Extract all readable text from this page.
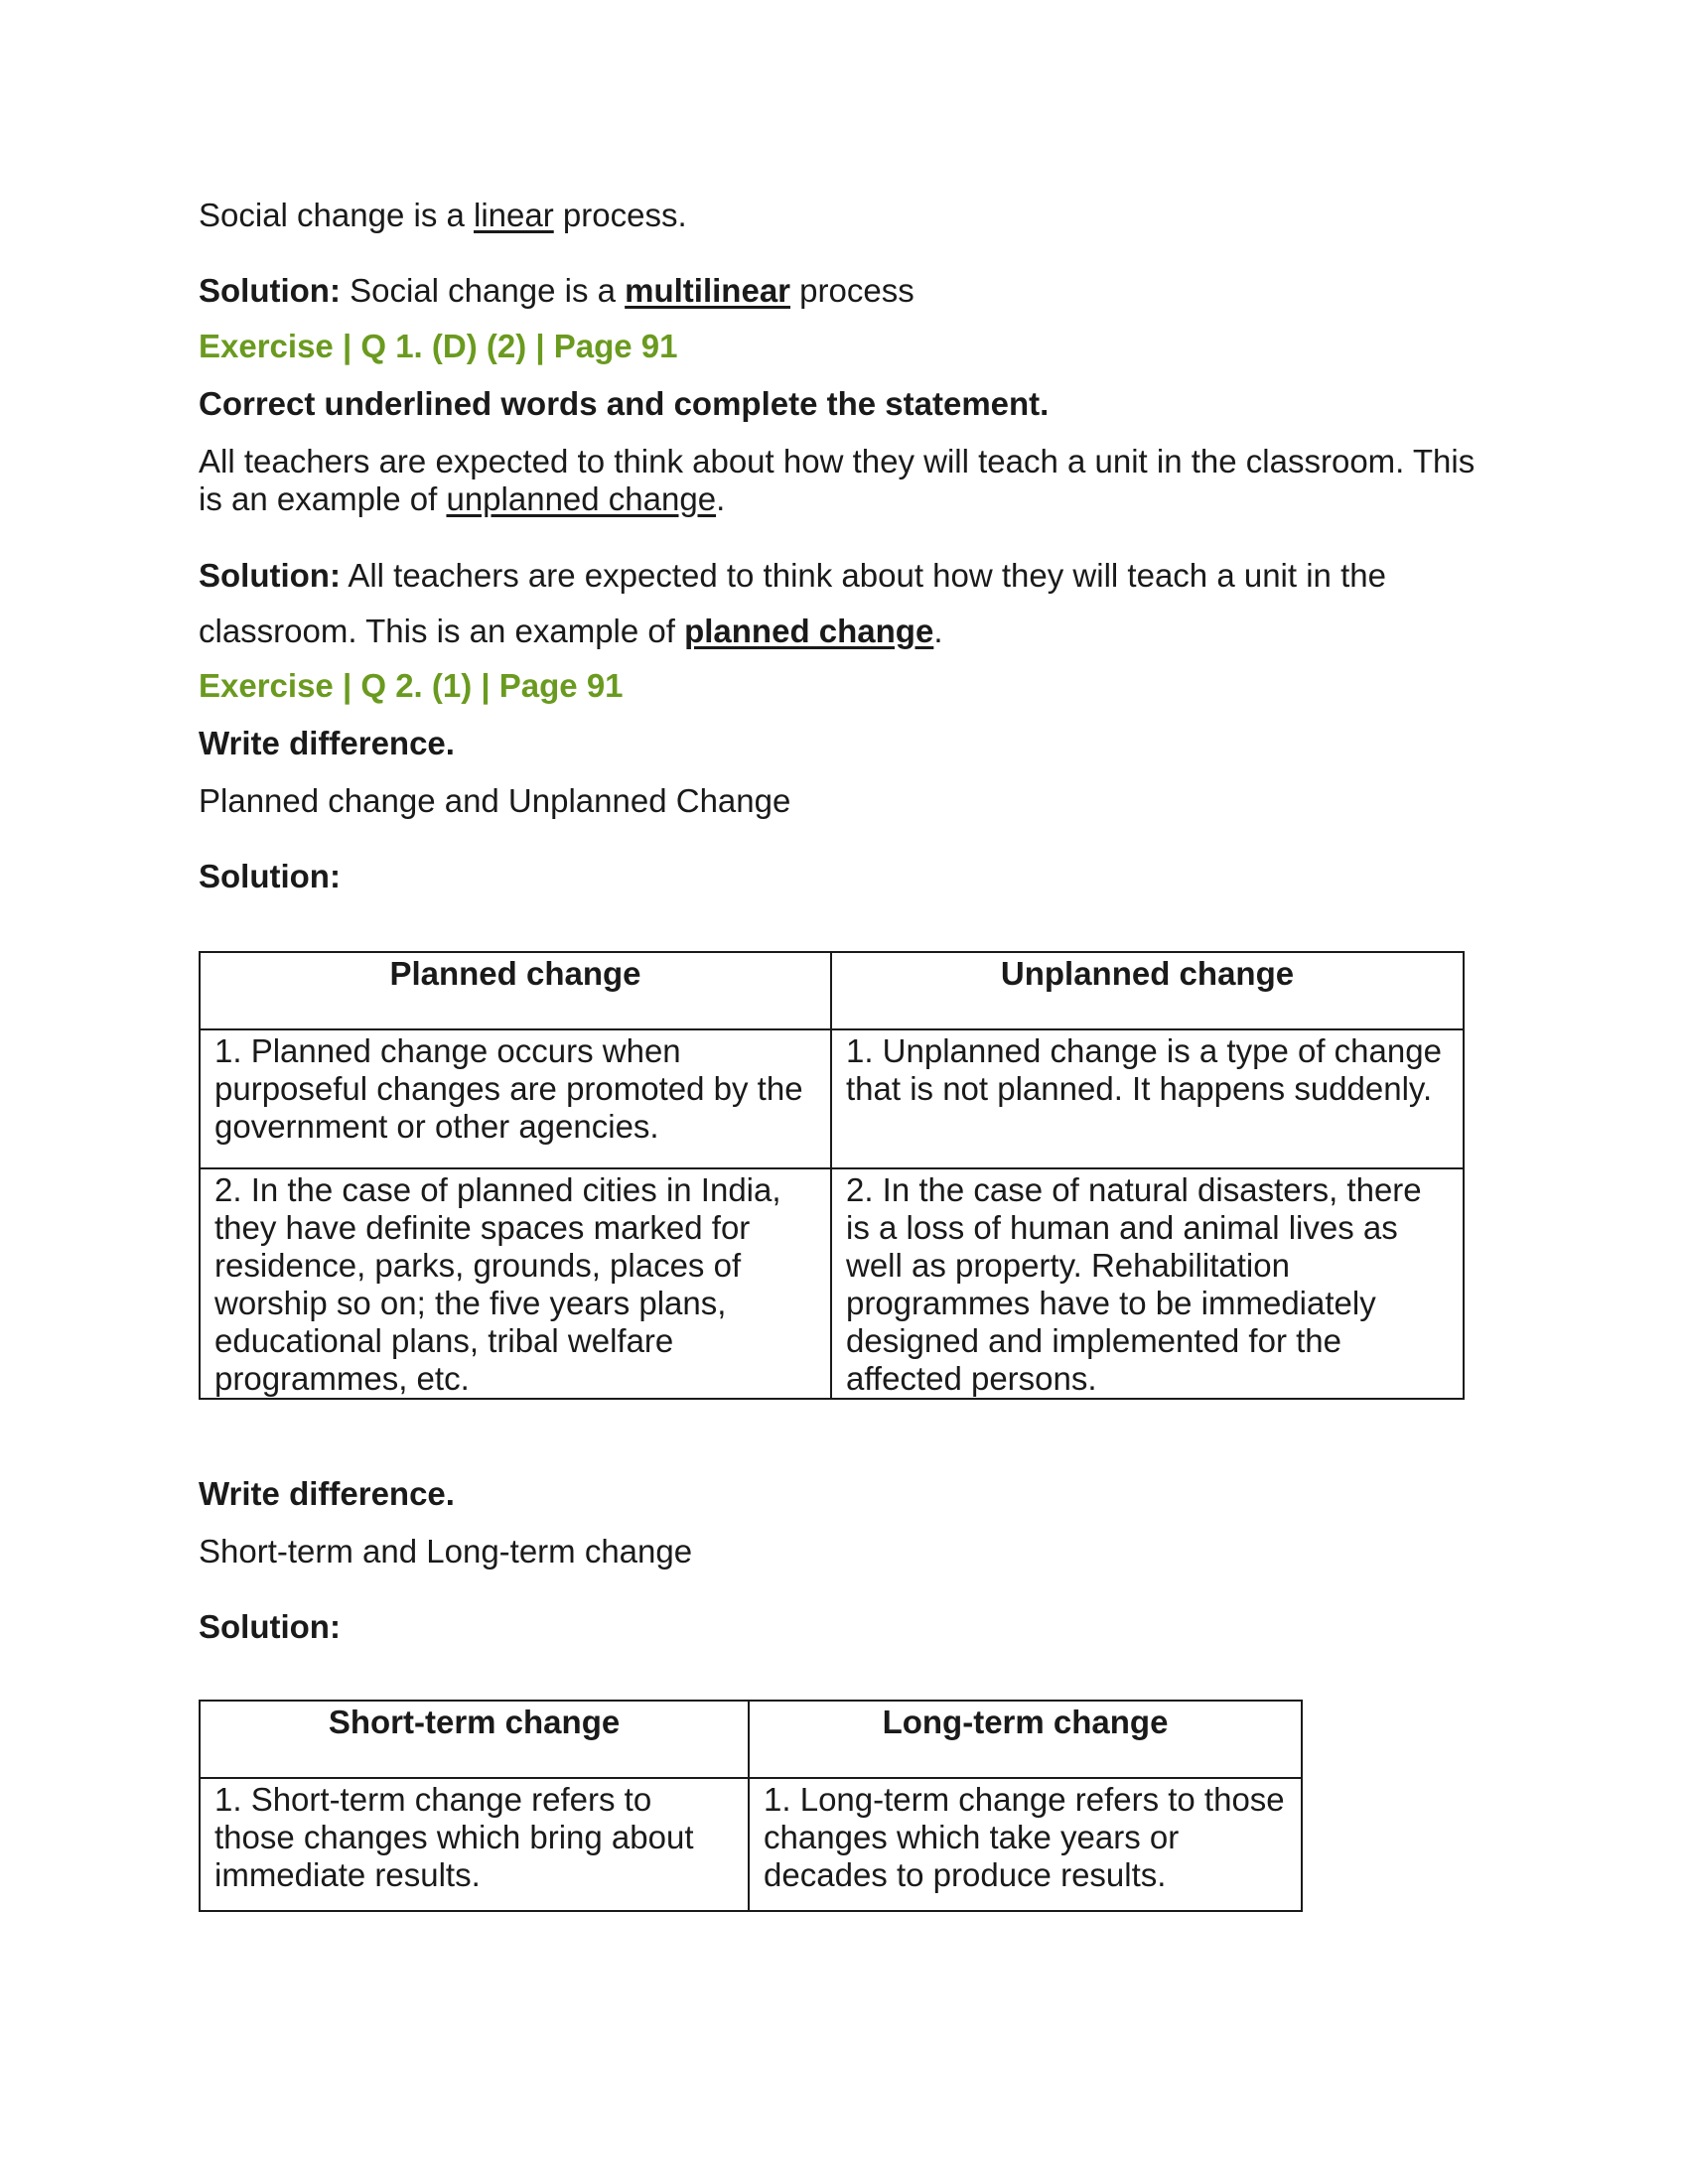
Social change is a linear process.

Solution: Social change is a multilinear process

Exercise | Q 1. (D) (2) | Page 91

Correct underlined words and complete the statement.

All teachers are expected to think about how they will teach a unit in the classroom. This is an example of unplanned change.

Solution: All teachers are expected to think about how they will teach a unit in the
classroom. This is an example of planned change.

Exercise | Q 2. (1) | Page 91

Write difference.

Planned change and Unplanned Change

Solution:

Planned change	Unplanned change
1. Planned change occurs when purposeful changes are promoted by the government or other agencies.	1. Unplanned change is a type of change that is not planned. It happens suddenly.
2. In the case of planned cities in India, they have definite spaces marked for residence, parks, grounds, places of worship so on; the five years plans, educational plans, tribal welfare programmes, etc.	2. In the case of natural disasters, there is a loss of human and animal lives as well as property. Rehabilitation programmes have to be immediately designed and implemented for the affected persons.

Write difference.

Short-term and Long-term change

Solution:

Short-term change	Long-term change
1. Short-term change refers to those changes which bring about immediate results.	1. Long-term change refers to those changes which take years or decades to produce results.
